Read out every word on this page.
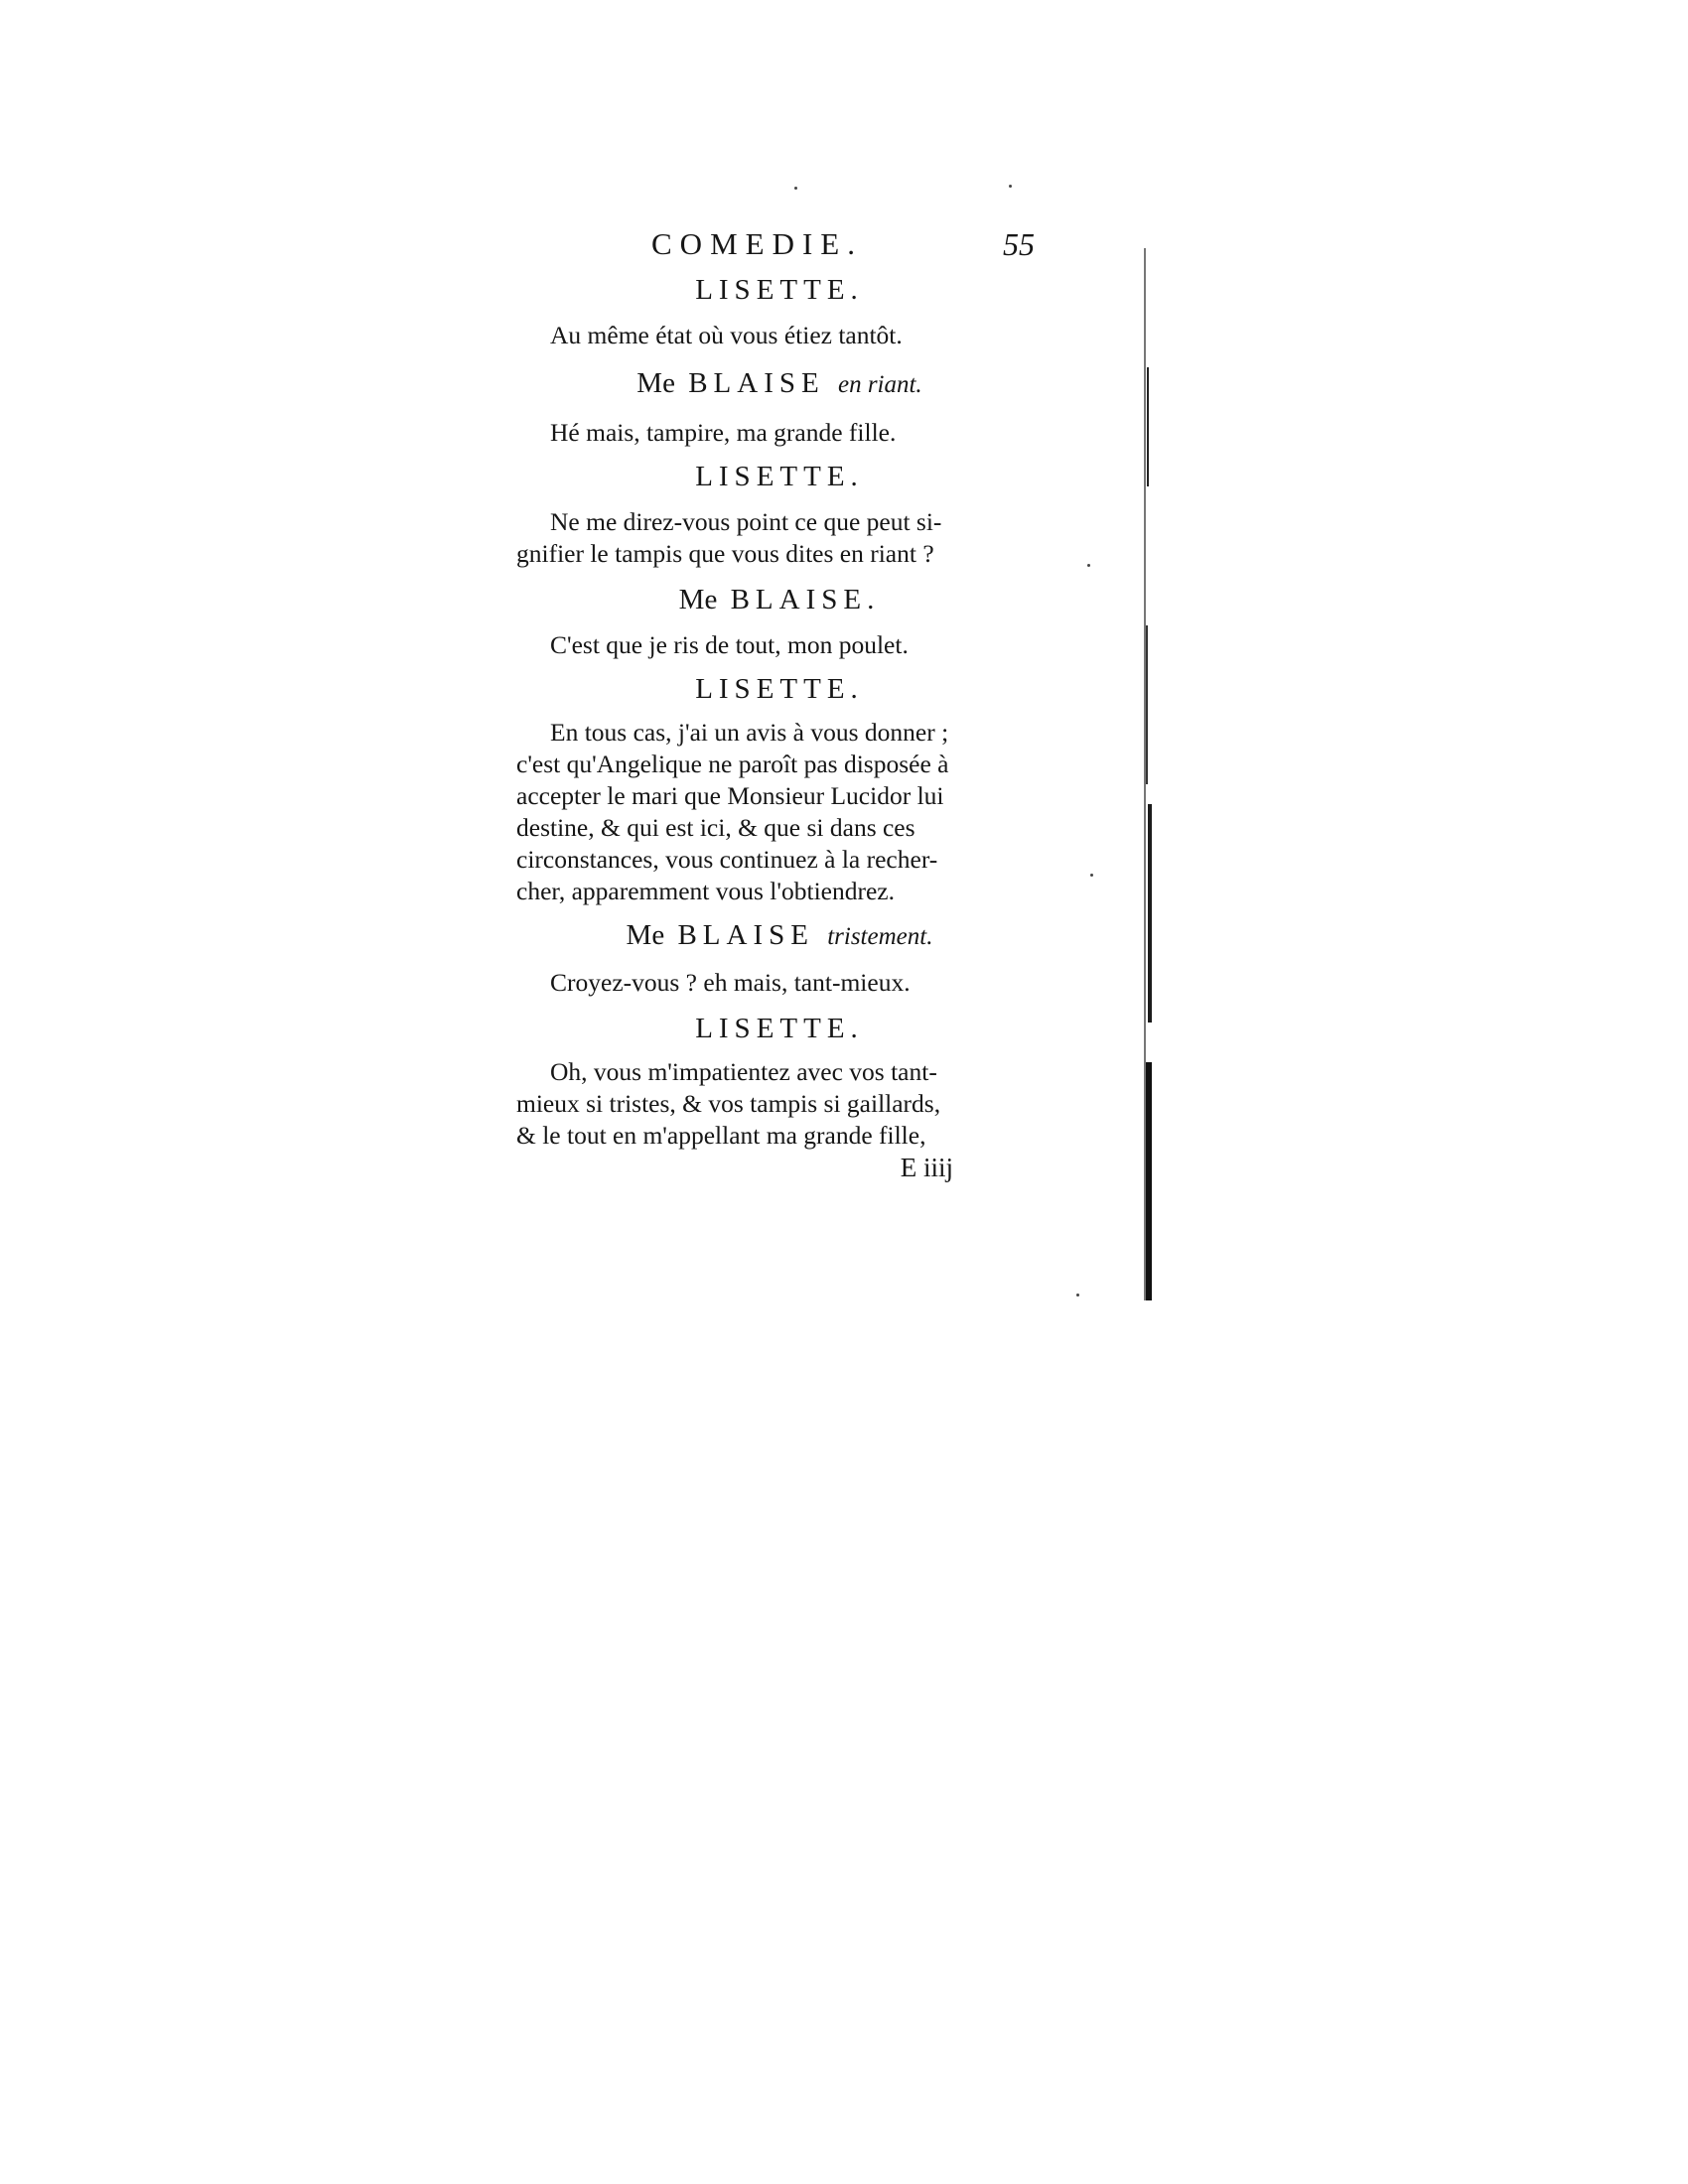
COMEDIE.	55
LISETTE.
Au même état où vous étiez tantôt.
Me BLAISE en riant.
Hé mais, tampire, ma grande fille.
LISETTE.
Ne me direz-vous point ce que peut si-
gnifier le tampis que vous dites en riant ?
Me BLAISE.
C'est que je ris de tout, mon poulet.
LISETTE.
En tous cas, j'ai un avis à vous donner ;
c'est qu'Angelique ne paroît pas disposée à
accepter le mari que Monsieur Lucidor lui
destine, & qui est ici, & que si dans ces
circonstances, vous continuez à la recher-
cher, apparemment vous l'obtiendrez.
Me BLAISE tristement.
Croyez-vous ? eh mais, tant-mieux.
LISETTE.
Oh, vous m'impatientez avec vos tant-
mieux si tristes, & vos tampis si gaillards,
& le tout en m'appellant ma grande fille,
E iiij
